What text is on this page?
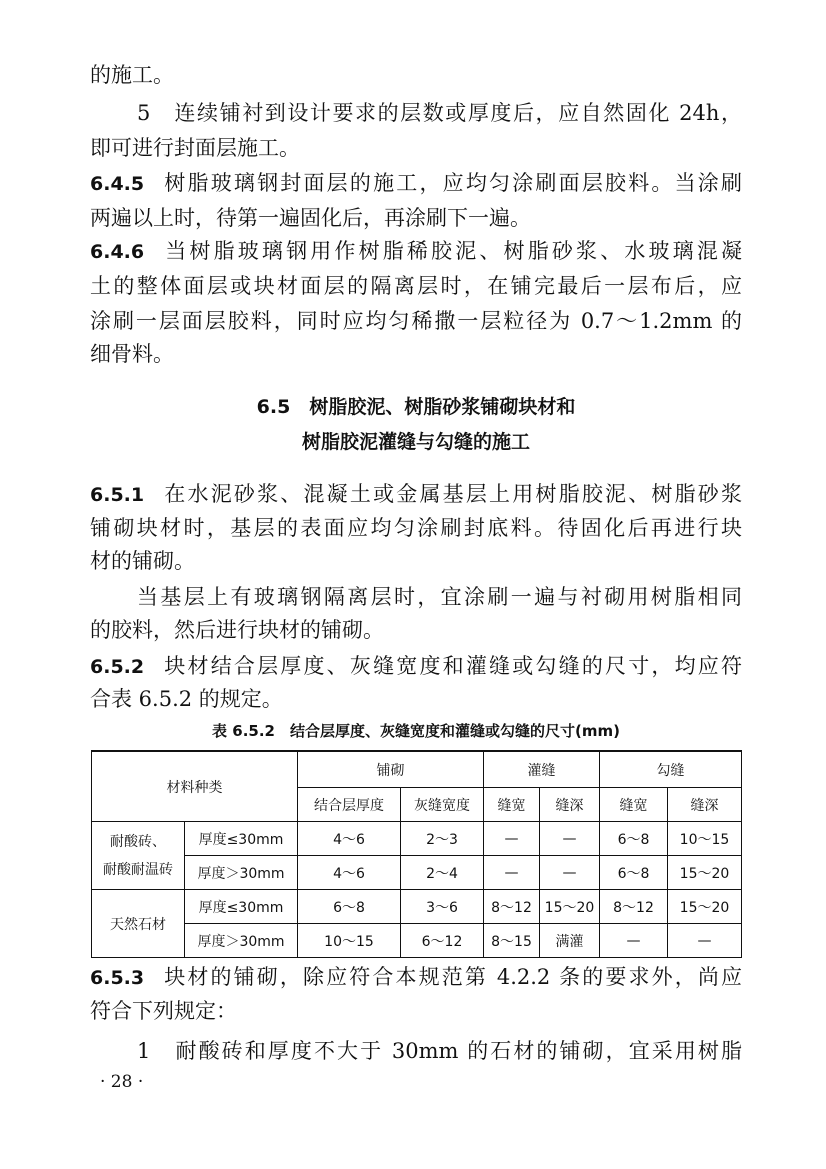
的施工。
5　连续铺衬到设计要求的层数或厚度后，应自然固化 24h，
即可进行封面层施工。
6.4.5 树脂玻璃钢封面层的施工，应均匀涂刷面层胶料。当涂刷
两遍以上时，待第一遍固化后，再涂刷下一遍。
6.4.6 当树脂玻璃钢用作树脂稀胶泥、树脂砂浆、水玻璃混凝
土的整体面层或块材面层的隔离层时，在铺完最后一层布后，应
涂刷一层面层胶料，同时应均匀稀撒一层粒径为 0.7～1.2mm 的
细骨料。
6.5　树脂胶泥、树脂砂浆铺砌块材和
树脂胶泥灌缝与勾缝的施工
6.5.1 在水泥砂浆、混凝土或金属基层上用树脂胶泥、树脂砂浆
铺砌块材时，基层的表面应均匀涂刷封底料。待固化后再进行块
材的铺砌。
当基层上有玻璃钢隔离层时，宜涂刷一遍与衬砌用树脂相同
的胶料，然后进行块材的铺砌。
6.5.2 块材结合层厚度、灰缝宽度和灌缝或勾缝的尺寸，均应符
合表 6.5.2 的规定。
表 6.5.2　结合层厚度、灰缝宽度和灌缝或勾缝的尺寸(mm)
材料种类		铺砌		灌缝		勾缝	
		结合层厚度	灰缝宽度	缝宽	缝深	缝宽	缝深

耐酸砖、
耐酸耐温砖	厚度≤30mm	4～6	2～3	—	—	6～8	10～15
	厚度＞30mm	4～6	2～4	—	—	6～8	15～20
天然石材	厚度≤30mm	6～8	3～6	8～12	15～20	8～12	15～20
	厚度＞30mm	10～15	6～12	8～15	满灌	—	—
6.5.3 块材的铺砌，除应符合本规范第 4.2.2 条的要求外，尚应
符合下列规定：
1　耐酸砖和厚度不大于 30mm 的石材的铺砌，宜采用树脂
· 28 ·
